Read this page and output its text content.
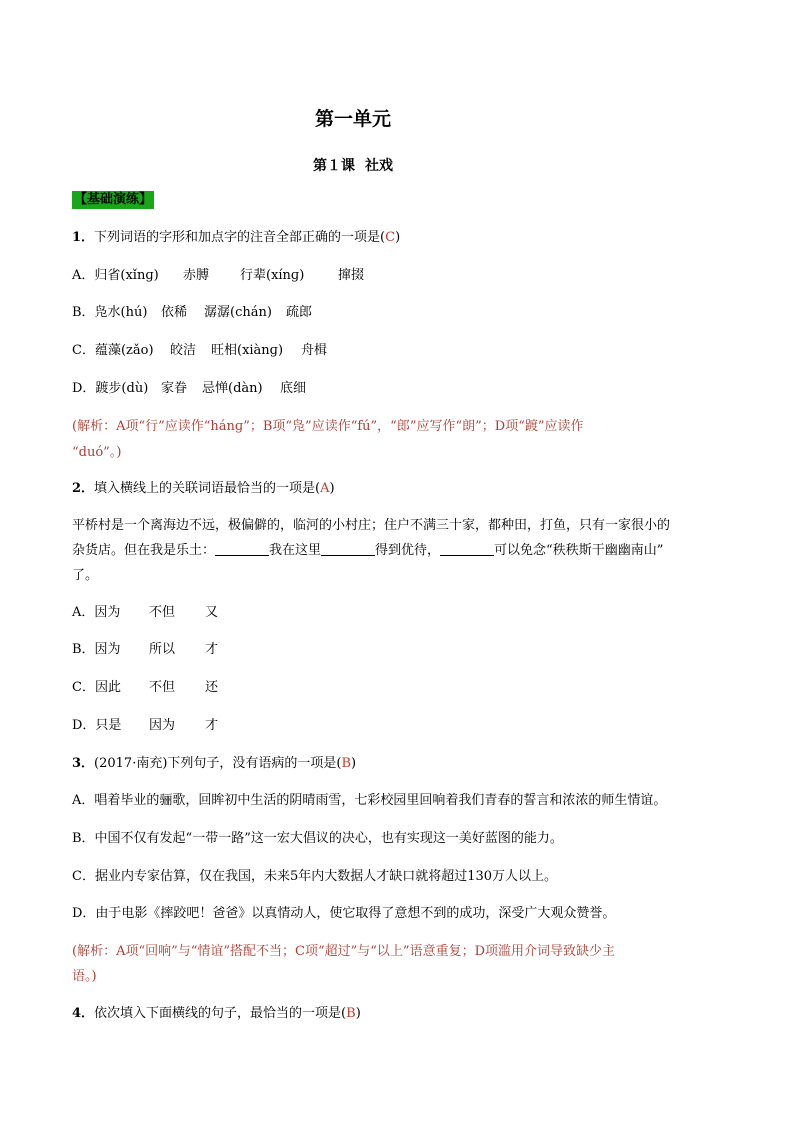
第一单元
第１课 社戏
【基础演练】
1．下列词语的字形和加点字的注音全部正确的一项是(C)
A．归省(xǐnɡ) 赤膊 行辈(xínɡ)	撺掇
B．凫水(hú) 依稀 潺潺(chán) 疏郎
C．蕴藻(zǎo) 皎洁 旺相(xiànɡ) 舟楫
D．踱步(dù) 家眷 忌惮(dàn) 底细
(解析：A项“行”应读作“hánɡ”；B项“凫”应读作“fú”，“郎”应写作“朗”；D项“踱”应读作
“duó”。)
2．填入横线上的关联词语最恰当的一项是(A)
平桥村是一个离海边不远，极偏僻的，临河的小村庄；住户不满三十家，都种田，打鱼，只有一家很小的
杂货店。但在我是乐土：	我在这里	得到优待，	可以免念“秩秩斯干幽幽南山”
了。
A．因为 不但 又
B．因为 所以 才
C．因此 不但 还
D．只是 因为 才
3．(2017·南充)下列句子，没有语病的一项是(B)
A．唱着毕业的骊歌，回眸初中生活的阴晴雨雪，七彩校园里回响着我们青春的誓言和浓浓的师生情谊。
B．中国不仅有发起“一带一路”这一宏大倡议的决心，也有实现这一美好蓝图的能力。
C．据业内专家估算，仅在我国，未来5年内大数据人才缺口就将超过130万人以上。
D．由于电影《摔跤吧！爸爸》以真情动人，使它取得了意想不到的成功，深受广大观众赞誉。
(解析：A项“回响”与“情谊”搭配不当；C项“超过”与“以上”语意重复；D项滥用介词导致缺少主
语。)
4．依次填入下面横线的句子，最恰当的一项是(B)
